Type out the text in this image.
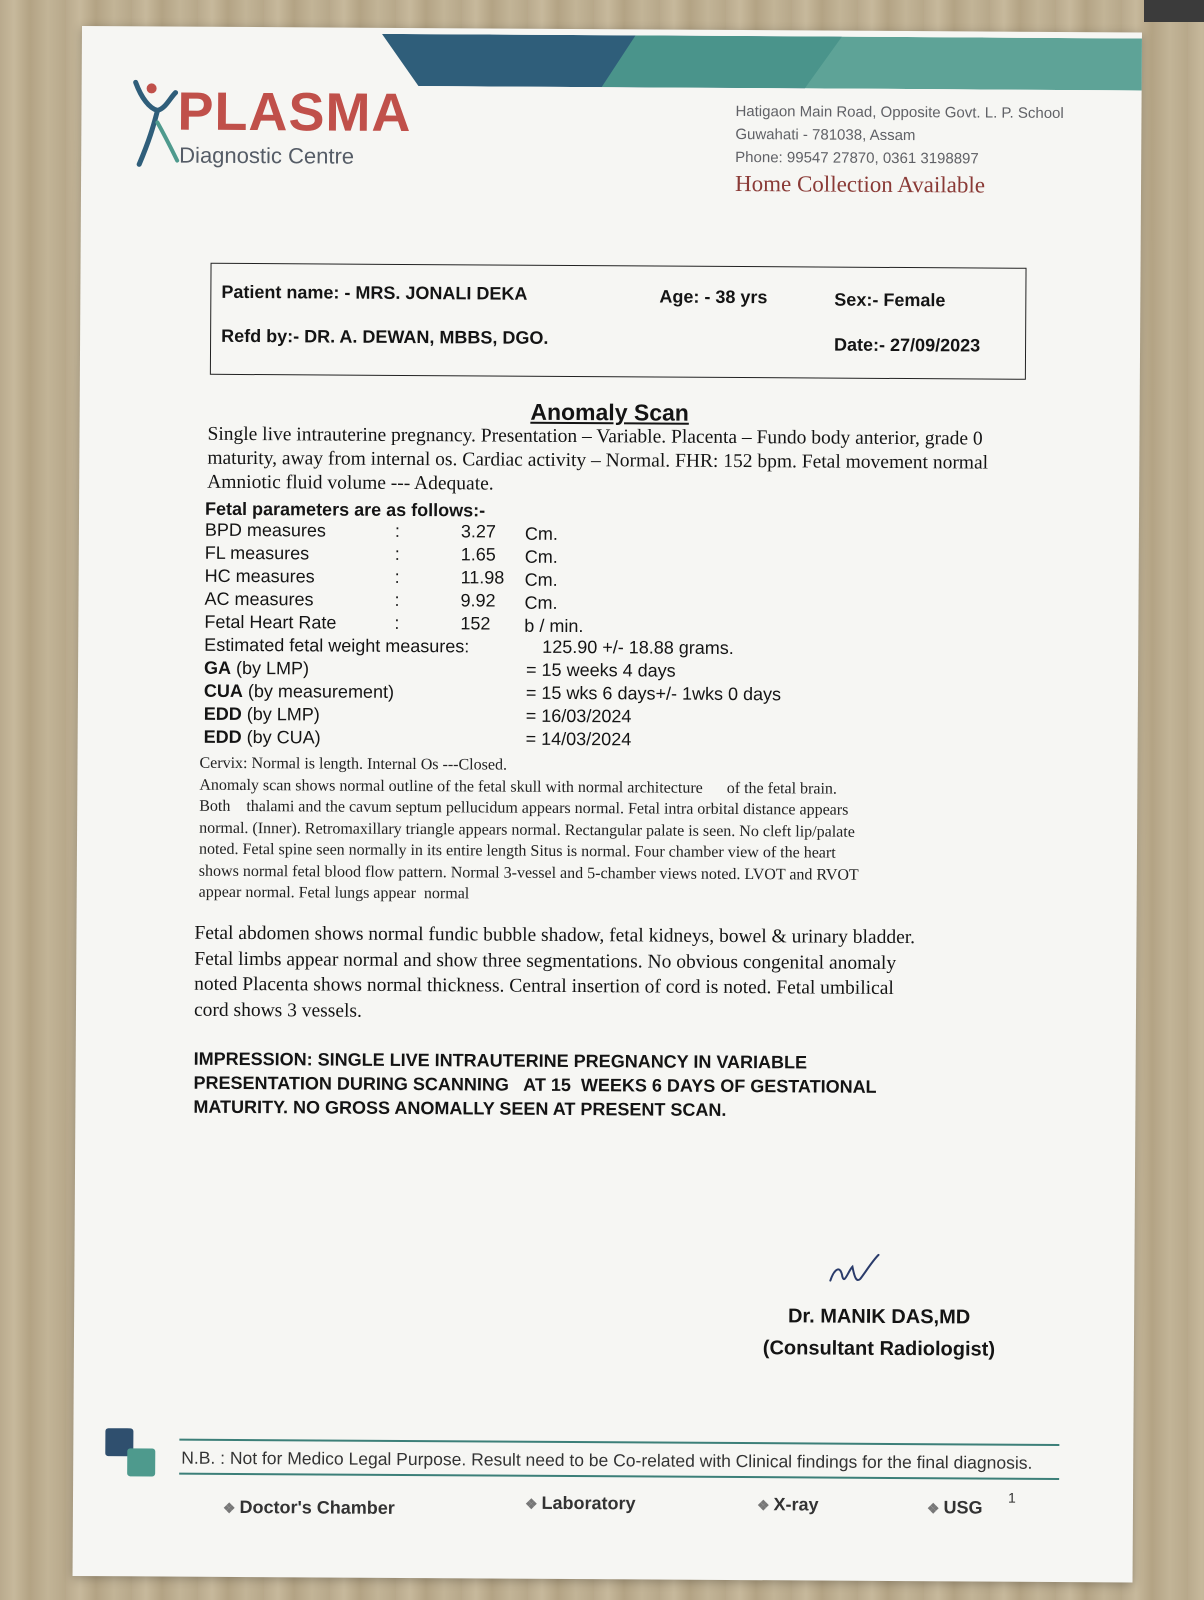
PLASMA
Diagnostic Centre
Hatigaon Main Road, Opposite Govt. L. P. School
Guwahati - 781038, Assam
Phone: 99547 27870, 0361 3198897
Home Collection Available
Patient name: - MRS. JONALI DEKA	Age: - 38 yrs	Sex:- Female
Refd by:- DR. A. DEWAN, MBBS, DGO.	Date:- 27/09/2023
Anomaly Scan
Single live intrauterine pregnancy. Presentation – Variable. Placenta – Fundo body anterior, grade 0 maturity, away from internal os. Cardiac activity – Normal. FHR: 152 bpm. Fetal movement normal Amniotic fluid volume --- Adequate.
Fetal parameters are as follows:-
BPD measures	:	3.27 Cm.
FL measures	:	1.65 Cm.
HC measures	:	11.98 Cm.
AC measures	:	9.92 Cm.
Fetal Heart Rate	:	152 b / min.
Estimated fetal weight measures:	125.90 +/- 18.88 grams.
GA (by LMP)	= 15 weeks 4 days
CUA (by measurement)	= 15 wks 6 days+/- 1wks 0 days
EDD (by LMP)	= 16/03/2024
EDD (by CUA)	= 14/03/2024
Cervix: Normal is length. Internal Os ---Closed.
Anomaly scan shows normal outline of the fetal skull with normal architecture      of the fetal brain.
Both    thalami and the cavum septum pellucidum appears normal. Fetal intra orbital distance appears
normal. (Inner). Retromaxillary triangle appears normal. Rectangular palate is seen. No cleft lip/palate
noted. Fetal spine seen normally in its entire length Situs is normal. Four chamber view of the heart
shows normal fetal blood flow pattern. Normal 3-vessel and 5-chamber views noted. LVOT and RVOT
appear normal. Fetal lungs appear  normal
Fetal abdomen shows normal fundic bubble shadow, fetal kidneys, bowel & urinary bladder.
Fetal limbs appear normal and show three segmentations. No obvious congenital anomaly
noted Placenta shows normal thickness. Central insertion of cord is noted. Fetal umbilical
cord shows 3 vessels.
IMPRESSION: SINGLE LIVE INTRAUTERINE PREGNANCY IN VARIABLE
PRESENTATION DURING SCANNING   AT 15  WEEKS 6 DAYS OF GESTATIONAL
MATURITY. NO GROSS ANOMALLY SEEN AT PRESENT SCAN.
Dr. MANIK DAS,MD
(Consultant Radiologist)
N.B. : Not for Medico Legal Purpose. Result need to be Co-related with Clinical findings for the final diagnosis.
❖ Doctor's Chamber	❖ Laboratory	❖ X-ray	❖ USG 1
